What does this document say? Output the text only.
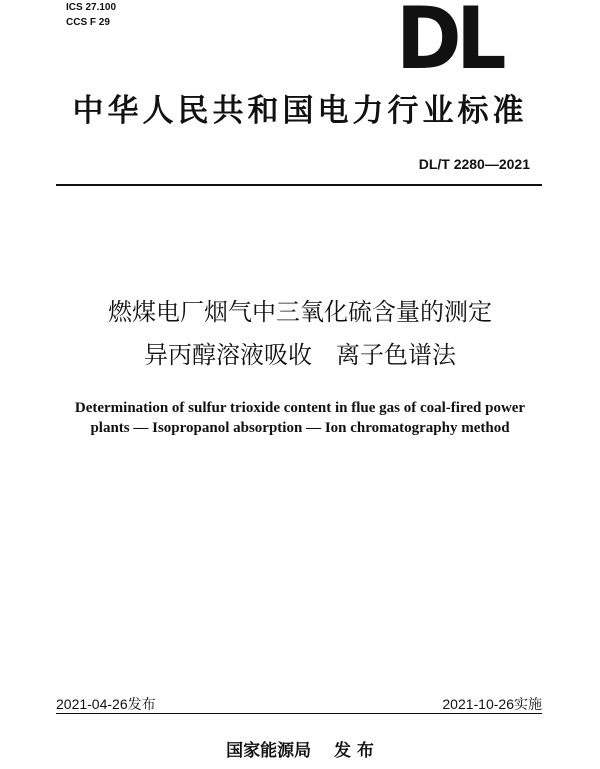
ICS 27.100
CCS F 29	DL
中华人民共和国电力行业标准
DL/T 2280—2021
燃煤电厂烟气中三氧化硫含量的测定
异丙醇溶液吸收　离子色谱法
Determination of sulfur trioxide content in flue gas of coal-fired power
plants — Isopropanol absorption — Ion chromatography method
2021-04-26发布	2021-10-26实施
国家能源局　 发 布
